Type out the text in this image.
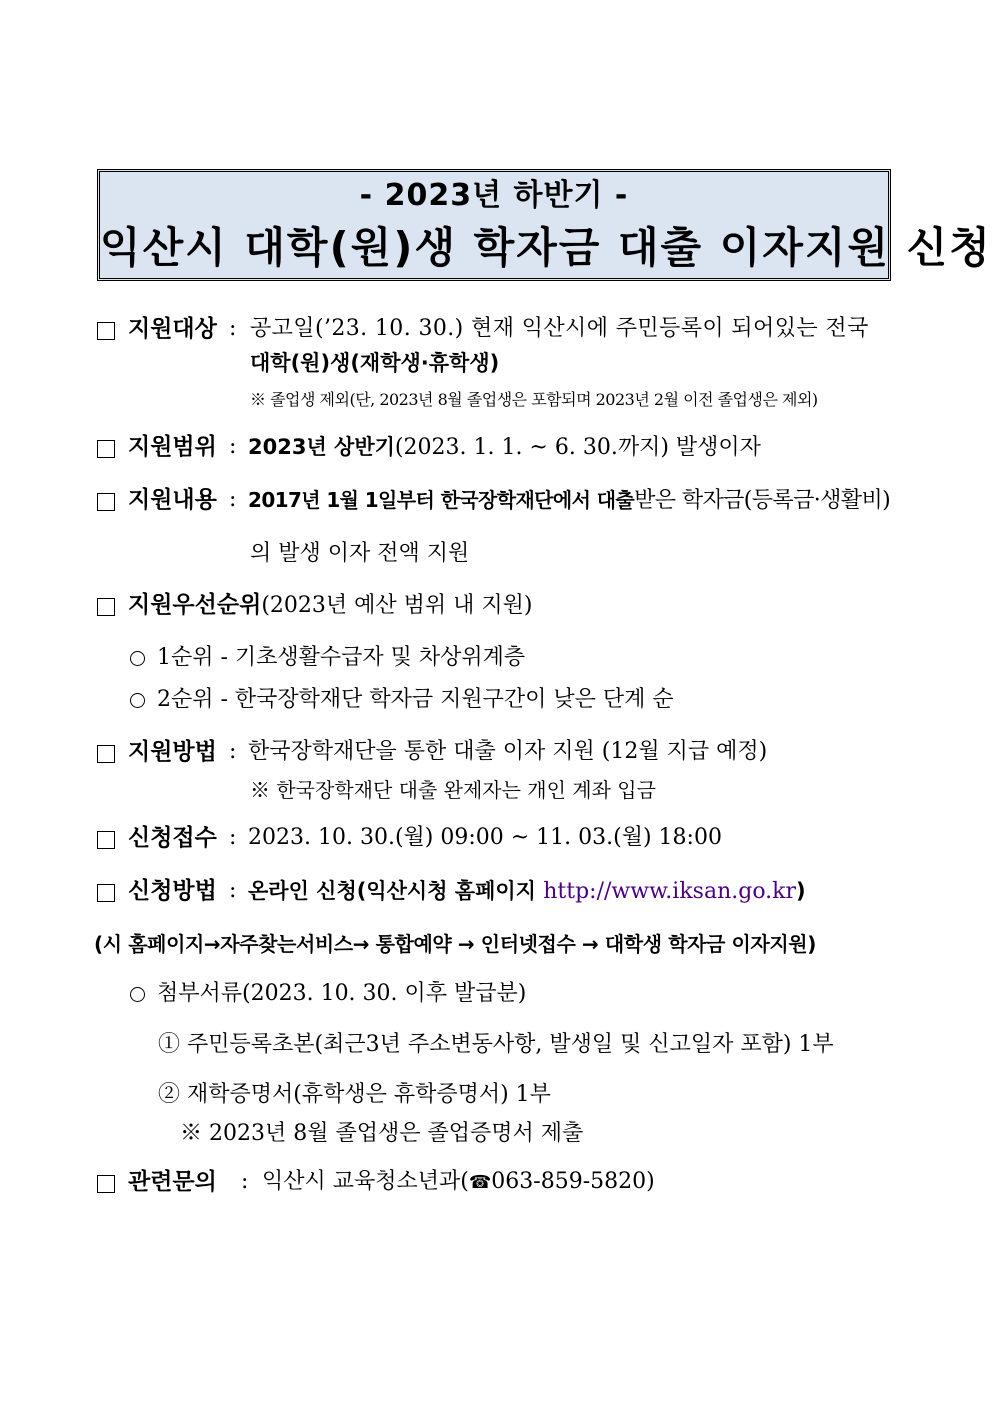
- 2023년 하반기 -
익산시 대학(원)생 학자금 대출 이자지원 신청
지원대상 : 공고일(’23. 10. 30.) 현재 익산시에 주민등록이 되어있는 전국
대학(원)생(재학생·휴학생)
※ 졸업생 제외(단, 2023년 8월 졸업생은 포함되며 2023년 2월 이전 졸업생은 제외)
지원범위 : 2023년 상반기(2023. 1. 1. ~ 6. 30.까지) 발생이자
지원내용 : 2017년 1월 1일부터 한국장학재단에서 대출받은 학자금(등록금·생활비)
의 발생 이자 전액 지원
지원우선순위(2023년 예산 범위 내 지원)
1순위 - 기초생활수급자 및 차상위계층
2순위 - 한국장학재단 학자금 지원구간이 낮은 단계 순
지원방법 : 한국장학재단을 통한 대출 이자 지원 (12월 지급 예정)
※ 한국장학재단 대출 완제자는 개인 계좌 입금
신청접수 : 2023. 10. 30.(월) 09:00 ~ 11. 03.(월) 18:00
신청방법 : 온라인 신청(익산시청 홈페이지 http://www.iksan.go.kr)
(시 홈페이지→자주찾는서비스→ 통합예약 → 인터넷접수 → 대학생 학자금 이자지원)
첨부서류(2023. 10. 30. 이후 발급분)
① 주민등록초본(최근3년 주소변동사항, 발생일 및 신고일자 포함) 1부
② 재학증명서(휴학생은 휴학증명서) 1부
※ 2023년 8월 졸업생은 졸업증명서 제출
관련문의 : 익산시 교육청소년과(☎063-859-5820)
